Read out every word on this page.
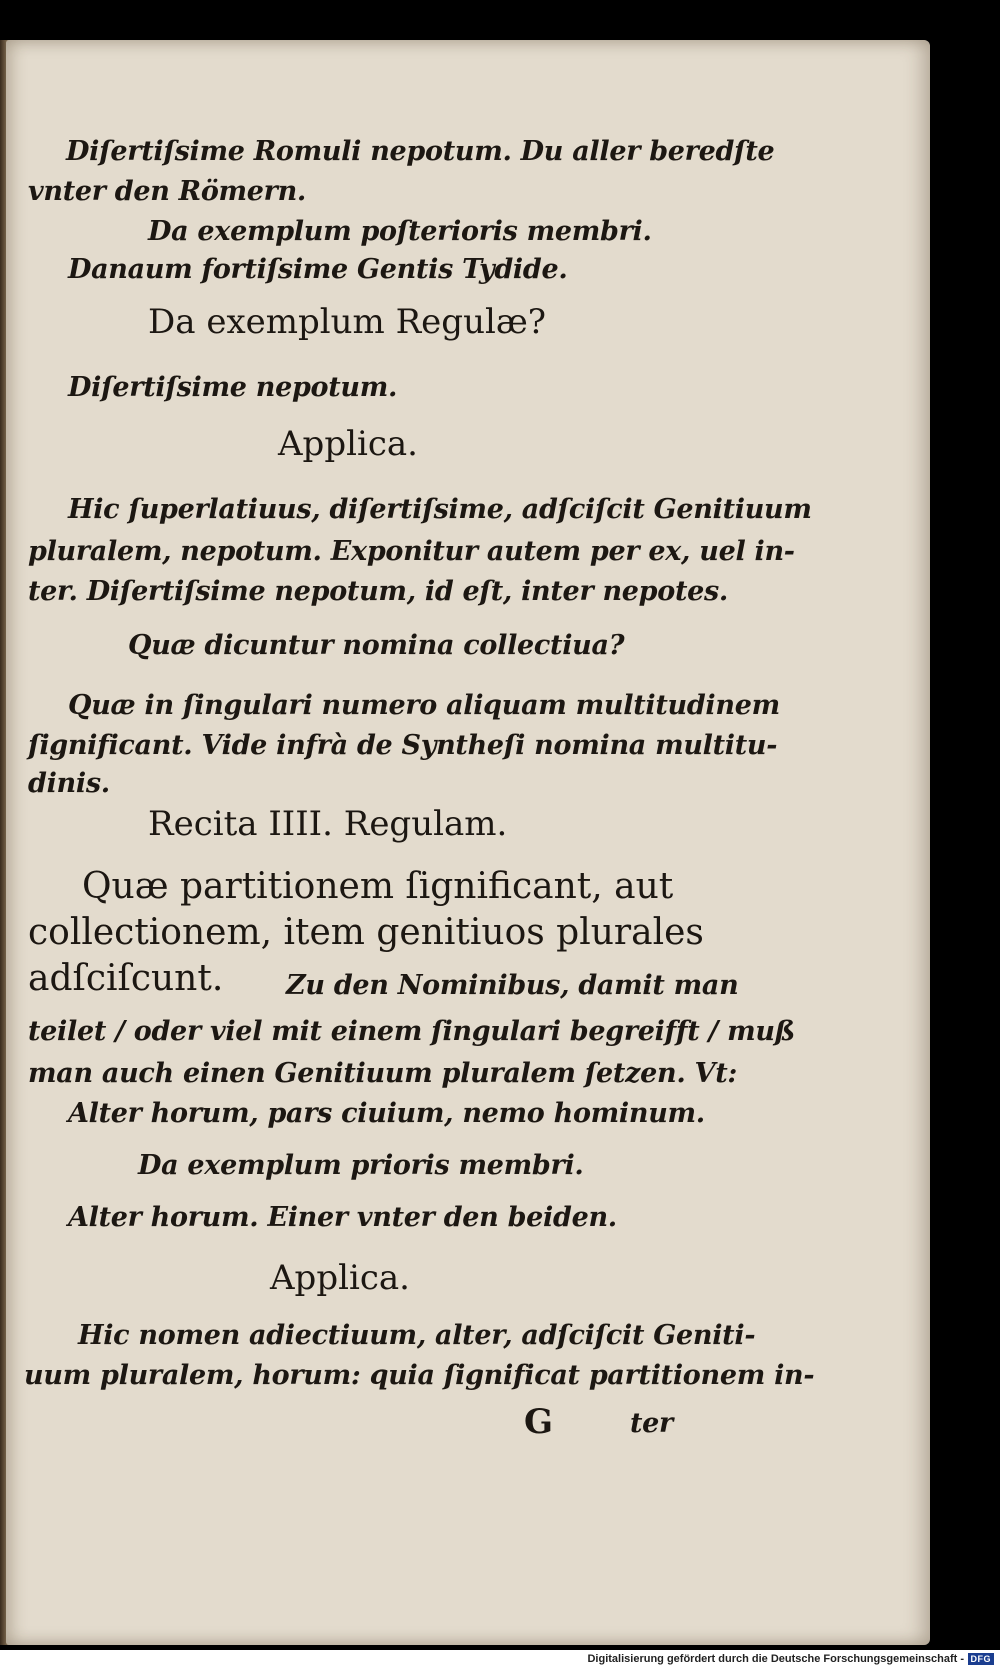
Diſertiſsime Romuli nepotum. Du aller beredſte
vnter den Römern.
Da exemplum poſterioris membri.
Danaum fortiſsime Gentis Tydide.
Da exemplum Regulæ?
Diſertiſsime nepotum.
Applica.
Hic ſuperlatiuus, diſertiſsime, adſciſcit Genitiuum
pluralem, nepotum. Exponitur autem per ex, uel in-
ter. Diſertiſsime nepotum, id eſt, inter nepotes.
Quæ dicuntur nomina collectiua?
Quæ in ſingulari numero aliquam multitudinem
ſignificant. Vide infrà de Syntheſi nomina multitu-
dinis.
Recita IIII. Regulam.
Quæ partitionem ſignificant, aut
collectionem, item genitiuos plurales
adſciſcunt. Zu den Nominibus, damit man
teilet / oder viel mit einem ſingulari begreifft / muß
man auch einen Genitiuum pluralem ſetzen. Vt:
Alter horum, pars ciuium, nemo hominum.
Da exemplum prioris membri.
Alter horum. Einer vnter den beiden.
Applica.
Hic nomen adiectiuum, alter, adſciſcit Geniti-
uum pluralem, horum: quia ſignificat partitionem in-
G	ter
Digitalisierung gefördert durch die Deutsche Forschungsgemeinschaft - DFG
